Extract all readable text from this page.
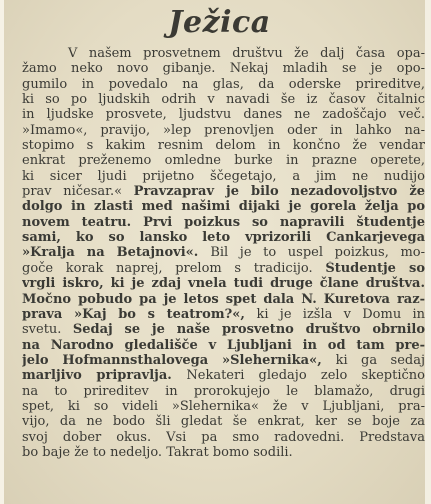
Ježica
V našem prosvetnem društvu že dalj časa opa-
žamo neko novo gibanje. Nekaj mladih se je opo-
gumilo in povedalo na glas, da oderske prireditve,
ki so po ljudskih odrih v navadi še iz časov čitalnic
in ljudske prosvete, ljudstvu danes ne zadoščajo več.
»Imamo«, pravijo, »lep prenovljen oder in lahko na-
stopimo s kakim resnim delom in končno že vendar
enkrat preženemo omledne burke in prazne operete,
ki sicer ljudi prijetno ščegetajo, a jim ne nudijo
prav ničesar.« Pravzaprav je bilo nezadovoljstvo že
dolgo in zlasti med našimi dijaki je gorela želja po
novem teatru. Prvi poizkus so napravili študentje
sami, ko so lansko leto vprizorili Cankarjevega
»Kralja na Betajnovi«. Bil je to uspel poizkus, mo-
goče korak naprej, prelom s tradicijo. Študentje so
vrgli iskro, ki je zdaj vnela tudi druge člane društva.
Močno pobudo pa je letos spet dala N. Kuretova raz-
prava »Kaj bo s teatrom?«, ki je izšla v Domu in
svetu. Sedaj se je naše prosvetno društvo obrnilo
na Narodno gledališče v Ljubljani in od tam pre-
jelo Hofmannsthalovega »Slehernika«, ki ga sedaj
marljivo pripravlja. Nekateri gledajo zelo skeptično
na to prireditev in prorokujejo le blamažo, drugi
spet, ki so videli »Slehernika« že v Ljubljani, pra-
vijo, da ne bodo šli gledat še enkrat, ker se boje za
svoj dober okus. Vsi pa smo radovedni. Predstava
bo baje že to nedeljo. Takrat bomo sodili.
